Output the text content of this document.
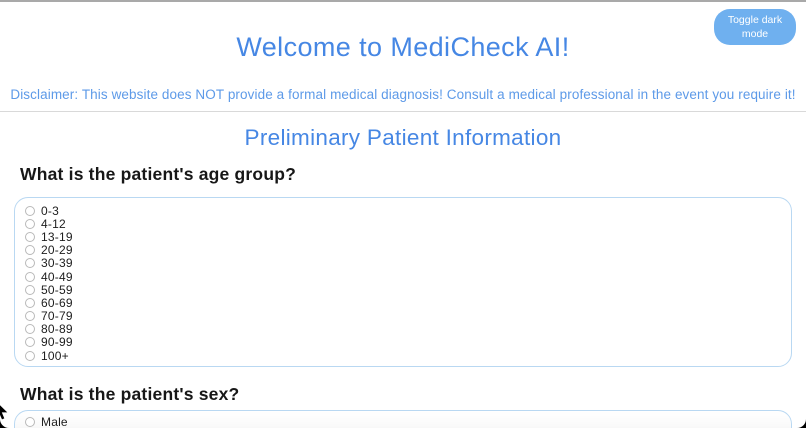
Toggle dark mode
Welcome to MediCheck AI!
Disclaimer: This website does NOT provide a formal medical diagnosis! Consult a medical professional in the event you require it!
Preliminary Patient Information
What is the patient's age group?
0-3
4-12
13-19
20-29
30-39
40-49
50-59
60-69
70-79
80-89
90-99
100+
What is the patient's sex?
Male
